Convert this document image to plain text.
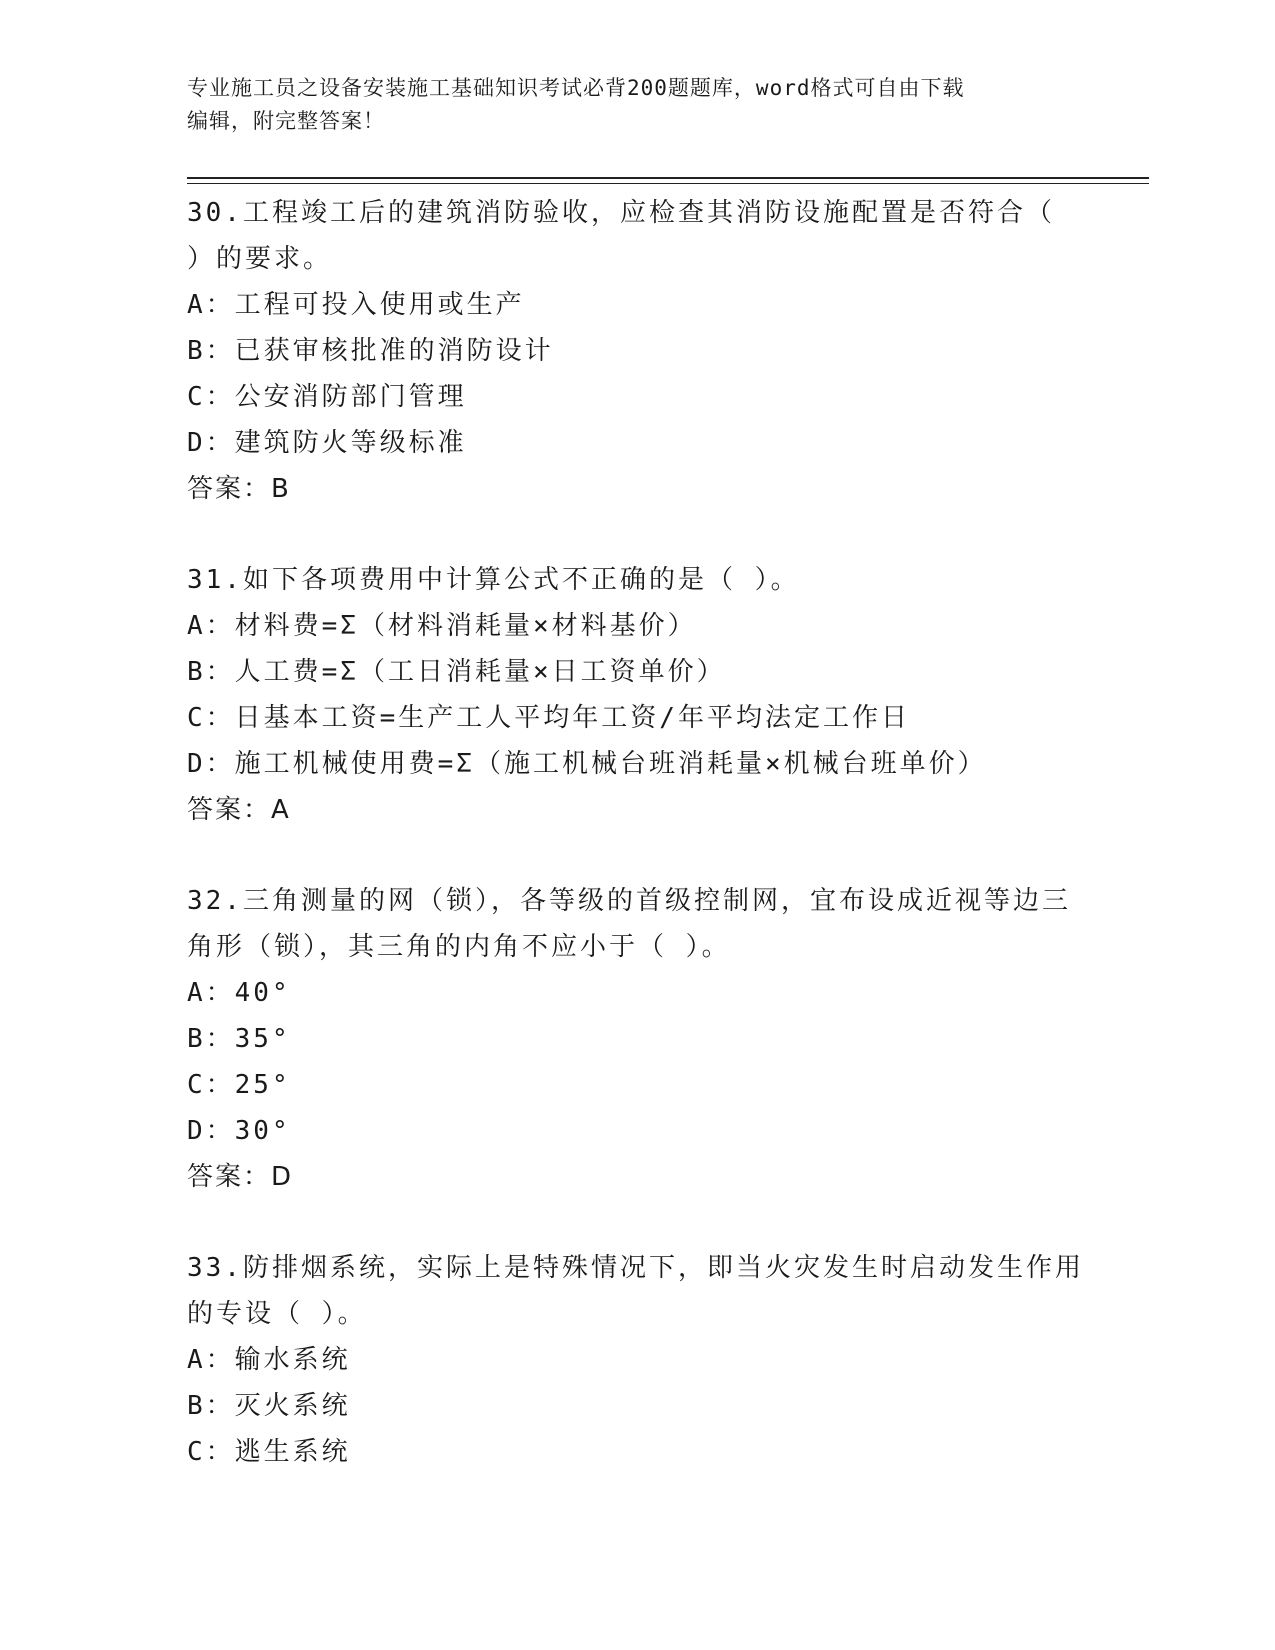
专业施工员之设备安装施工基础知识考试必背200题题库，word格式可自由下载
编辑，附完整答案！
30.工程竣工后的建筑消防验收，应检查其消防设施配置是否符合（
）的要求。
A：工程可投入使用或生产
B：已获审核批准的消防设计
C：公安消防部门管理
D：建筑防火等级标准
答案：B
31.如下各项费用中计算公式不正确的是（ ）。
A：材料费=Σ（材料消耗量×材料基价）
B：人工费=Σ（工日消耗量×日工资单价）
C：日基本工资=生产工人平均年工资/年平均法定工作日
D：施工机械使用费=Σ（施工机械台班消耗量×机械台班单价）
答案：A
32.三角测量的网（锁），各等级的首级控制网，宜布设成近视等边三
角形（锁），其三角的内角不应小于（ ）。
A：40°
B：35°
C：25°
D：30°
答案：D
33.防排烟系统，实际上是特殊情况下，即当火灾发生时启动发生作用
的专设（ ）。
A：输水系统
B：灭火系统
C：逃生系统
